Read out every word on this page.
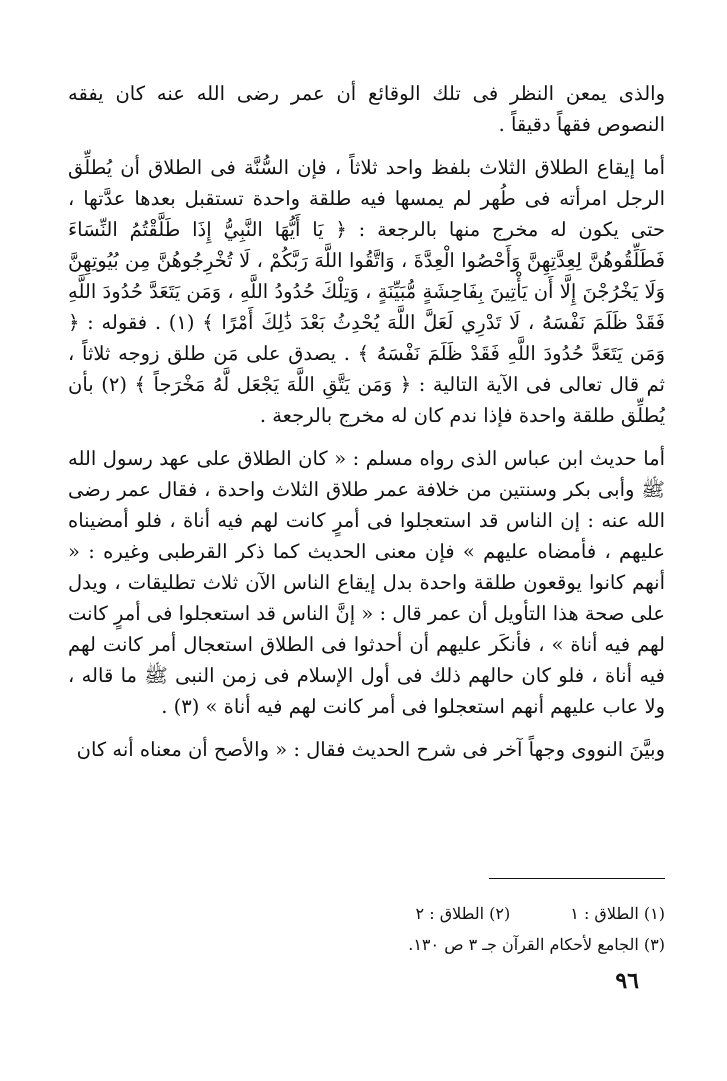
والذى يمعن النظر فى تلك الوقائع أن عمر رضى الله عنه كان يفقه النصوص فقهاً دقيقاً .

أما إيقاع الطلاق الثلاث بلفظ واحد ثلاثاً ، فإن السُّنَّة فى الطلاق أن يُطلِّق الرجل امرأته فى طُهر لم يمسها فيه طلقة واحدة تستقبل بعدها عدَّتها ، حتى يكون له مخرج منها بالرجعة : ﴿ يَا أَيُّهَا النَّبِيُّ إِذَا طَلَّقْتُمُ النِّسَاءَ فَطَلِّقُوهُنَّ لِعِدَّتِهِنَّ وَأَحْصُوا الْعِدَّةَ ، وَاتَّقُوا اللَّهَ رَبَّكُمْ ، لَا تُخْرِجُوهُنَّ مِن بُيُوتِهِنَّ وَلَا يَخْرُجْنَ إِلَّا أَن يَأْتِينَ بِفَاحِشَةٍ مُّبَيِّنَةٍ ، وَتِلْكَ حُدُودُ اللَّهِ ، وَمَن يَتَعَدَّ حُدُودَ اللَّهِ فَقَدْ ظَلَمَ نَفْسَهُ ، لَا تَدْرِي لَعَلَّ اللَّهَ يُحْدِثُ بَعْدَ ذَٰلِكَ أَمْرًا ﴾ (١) . فقوله : ﴿ وَمَن يَتَعَدَّ حُدُودَ اللَّهِ فَقَدْ ظَلَمَ نَفْسَهُ ﴾ . يصدق على مَن طلق زوجه ثلاثاً ، ثم قال تعالى فى الآية التالية : ﴿ وَمَن يَتَّقِ اللَّهَ يَجْعَل لَّهُ مَخْرَجاً ﴾ (٢) بأن يُطلِّق طلقة واحدة فإذا ندم كان له مخرج بالرجعة .

أما حديث ابن عباس الذى رواه مسلم : « كان الطلاق على عهد رسول الله ﷺ وأبى بكر وسنتين من خلافة عمر طلاق الثلاث واحدة ، فقال عمر رضى الله عنه : إن الناس قد استعجلوا فى أمرٍ كانت لهم فيه أناة ، فلو أمضيناه عليهم ، فأمضاه عليهم » فإن معنى الحديث كما ذكر القرطبى وغيره : « أنهم كانوا يوقعون طلقة واحدة بدل إيقاع الناس الآن ثلاث تطليقات ، ويدل على صحة هذا التأويل أن عمر قال : « إنَّ الناس قد استعجلوا فى أمرٍ كانت لهم فيه أناة » ، فأنكَر عليهم أن أحدثوا فى الطلاق استعجال أمر كانت لهم فيه أناة ، فلو كان حالهم ذلك فى أول الإسلام فى زمن النبى ﷺ ما قاله ، ولا عاب عليهم أنهم استعجلوا فى أمر كانت لهم فيه أناة » (٣) .

وبيَّنَ النووى وجهاً آخر فى شرح الحديث فقال : « والأصح أن معناه أنه كان

(١) الطلاق : ١
(٢) الطلاق : ٢
(٣) الجامع لأحكام القرآن جـ ٣ ص ١٣٠.
٩٦
